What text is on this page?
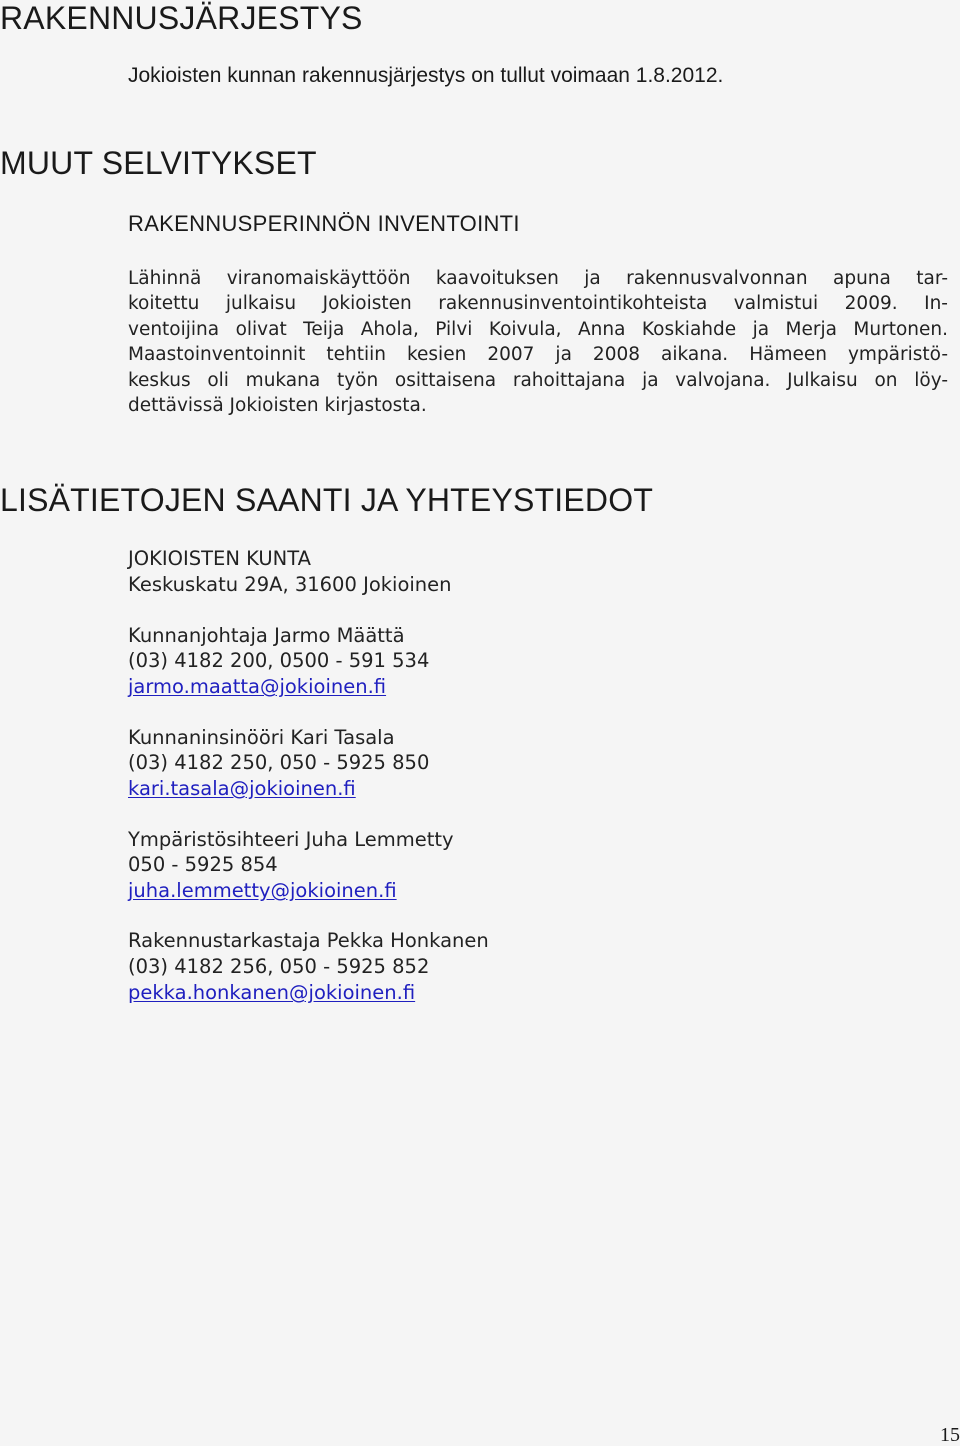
RAKENNUSJÄRJESTYS

Jokioisten kunnan rakennusjärjestys on tullut voimaan 1.8.2012.

MUUT SELVITYKSET
RAKENNUSPERINNÖN INVENTOINTI

Lähinnä viranomaiskäyttöön kaavoituksen ja rakennusvalvonnan apuna tar-
koitettu julkaisu Jokioisten rakennusinventointikohteista valmistui 2009. In-
ventoijina olivat Teija Ahola, Pilvi Koivula, Anna Koskiahde ja Merja Murtonen.
Maastoinventoinnit tehtiin kesien 2007 ja 2008 aikana. Hämeen ympäristö-
keskus oli mukana työn osittaisena rahoittajana ja valvojana. Julkaisu on löy-
dettävissä Jokioisten kirjastosta.

LISÄTIETOJEN SAANTI JA YHTEYSTIEDOT

JOKIOISTEN KUNTA

Keskuskatu 29A, 31600 Jokioinen

Kunnanjohtaja Jarmo Määttä

(03) 4182 200, 0500 - 591 534

jarmo.maatta@jokioinen.fi

Kunnaninsinööri Kari Tasala

(03) 4182 250, 050 - 5925 850

kari.tasala@jokioinen.fi

Ympäristösihteeri Juha Lemmetty

050 - 5925 854

juha.lemmetty@jokioinen.fi

Rakennustarkastaja Pekka Honkanen

(03) 4182 256, 050 - 5925 852

pekka.honkanen@jokioinen.fi

15
